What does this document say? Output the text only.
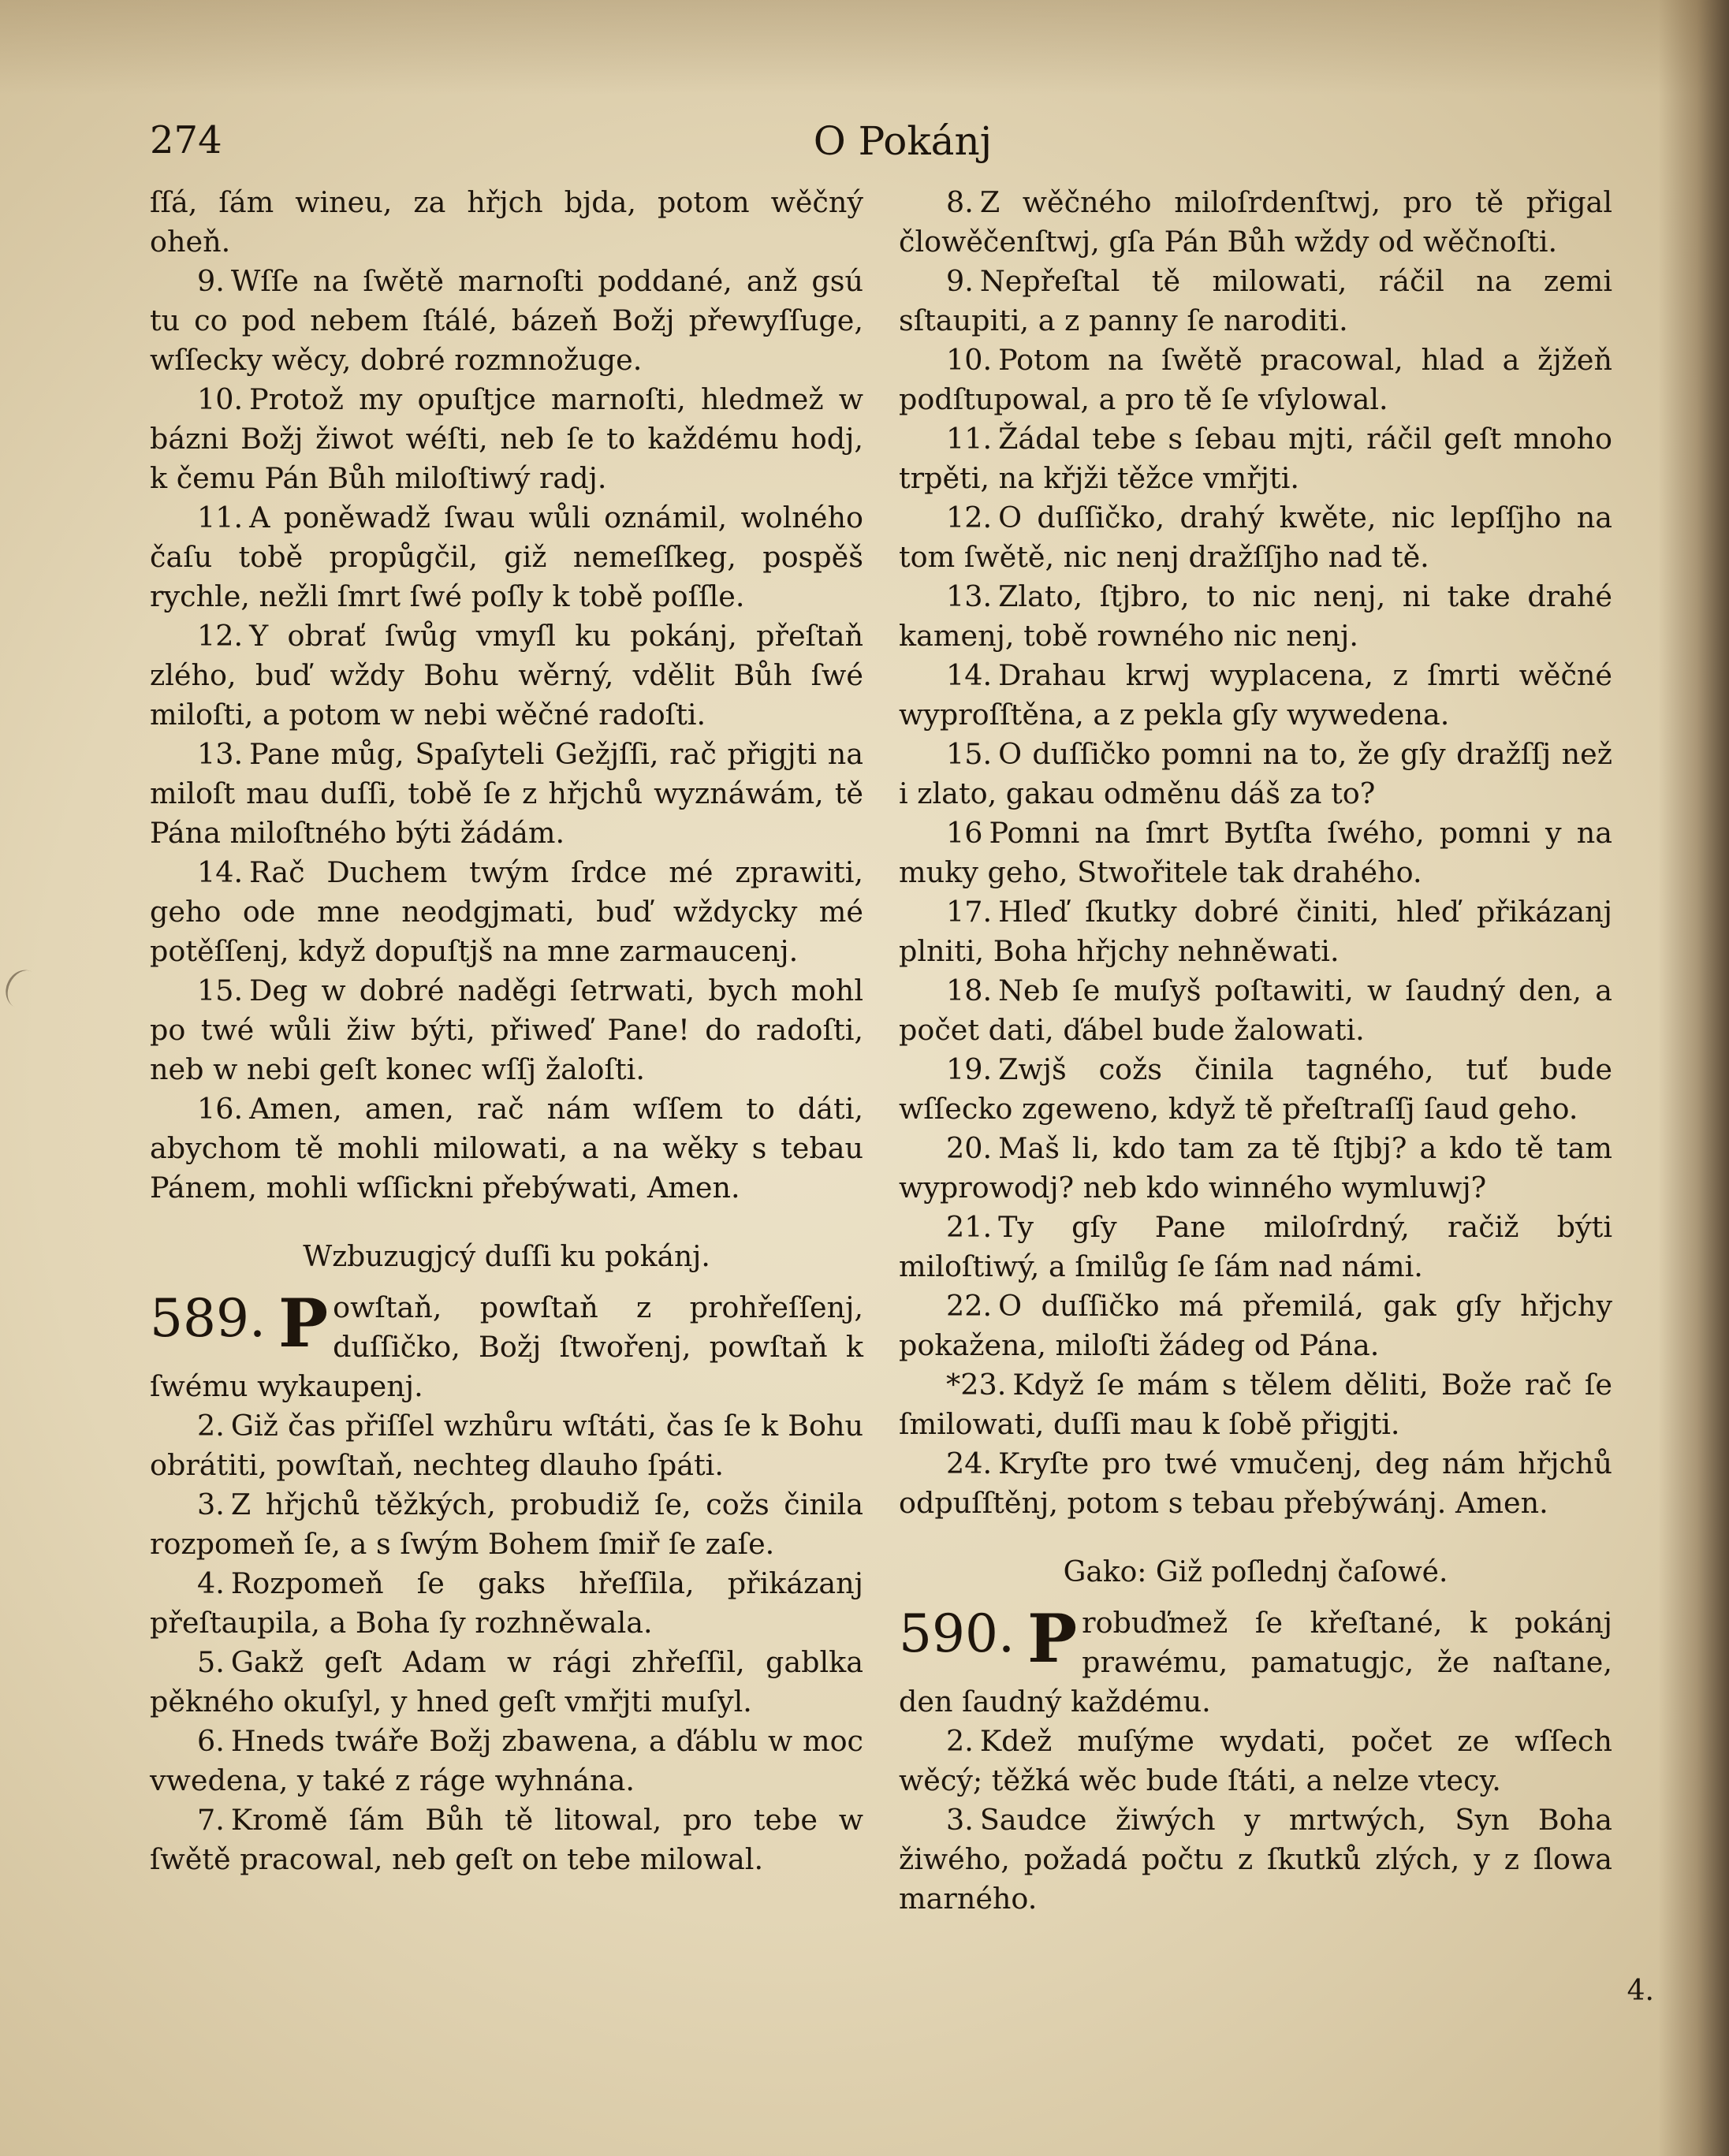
O Pokánj
274

ſſá, ſám wineu, za hřjch bjda, potom wěčný oheň.

9. Wſſe na ſwětě marnoſti poddané, anž gsú tu co pod nebem ſtálé, bázeň Božj přewyſſuge, wſſecky wěcy, dobré rozmnožuge.

10. Protož my opuſtjce marnoſti, hledmež w bázni Božj žiwot wéſti, neb ſe to každému hodj, k čemu Pán Bůh miloſtiwý radj.

11. A poněwadž ſwau wůli oznámil, wolného čaſu tobě propůgčil, giž nemeſſkeg, pospěš rychle, nežli ſmrt ſwé poſly k tobě poſſle.

12. Y obrať ſwůg vmyſl ku pokánj, přeſtaň zlého, buď wždy Bohu wěrný, vdělit Bůh ſwé miloſti, a potom w nebi wěčné radoſti.

13. Pane můg, Spaſyteli Gežjſſi, rač přigjti na miloſt mau duſſi, tobě ſe z hřjchů wyznáwám, tě Pána miloſtného býti žádám.

14. Rač Duchem twým ſrdce mé zprawiti, geho ode mne neodgjmati, buď wždycky mé potěſſenj, když dopuſtjš na mne zarmaucenj.

15. Deg w dobré naděgi ſetrwati, bych mohl po twé wůli žiw býti, přiweď Pane! do radoſti, neb w nebi geſt konec wſſj žaloſti.

16. Amen, amen, rač nám wſſem to dáti, abychom tě mohli milowati, a na wěky s tebau Pánem, mohli wſſickni přebýwati, Amen.

Wzbuzugjcý duſſi ku pokánj.
589. P owſtaň, powſtaň z prohřeſſenj, duſſičko, Božj ſtwořenj, powſtaň k ſwému wykaupenj.

2. Giž čas přiſſel wzhůru wſtáti, čas ſe k Bohu obrátiti, powſtaň, nechteg dlauho ſpáti.

3. Z hřjchů těžkých, probudiž ſe, cožs činila rozpomeň ſe, a s ſwým Bohem ſmiř ſe zaſe.

4. Rozpomeň ſe gaks hřeſſila, přikázanj přeſtaupila, a Boha ſy rozhněwala.

5. Gakž geſt Adam w rági zhřeſſil, gablka pěkného okuſyl, y hned geſt vmřjti muſyl.

6. Hneds twáře Božj zbawena, a ďáblu w moc vwedena, y také z ráge wyhnána.

7. Kromě ſám Bůh tě litowal, pro tebe w ſwětě pracowal, neb geſt on tebe milowal.

8. Z wěčného miloſrdenſtwj, pro tě přigal člowěčenſtwj, gſa Pán Bůh wždy od wěčnoſti.

9. Nepřeſtal tě milowati, ráčil na zemi sſtaupiti, a z panny ſe naroditi.

10. Potom na ſwětě pracowal, hlad a žjžeň podſtupowal, a pro tě ſe vſylowal.

11. Žádal tebe s ſebau mjti, ráčil geſt mnoho trpěti, na křjži těžce vmřjti.

12. O duſſičko, drahý kwěte, nic lepſſjho na tom ſwětě, nic nenj dražſſjho nad tě.

13. Zlato, ſtjbro, to nic nenj, ni take drahé kamenj, tobě rowného nic nenj.

14. Drahau krwj wyplacena, z ſmrti wěčné wyproſſtěna, a z pekla gſy wywedena.

15. O duſſičko pomni na to, že gſy dražſſj než i zlato, gakau odměnu dáš za to?

16 Pomni na ſmrt Bytſta ſwého, pomni y na muky geho, Stwořitele tak drahého.

17. Hleď ſkutky dobré činiti, hleď přikázanj plniti, Boha hřjchy nehněwati.

18. Neb ſe muſyš poſtawiti, w ſaudný den, a počet dati, ďábel bude žalowati.

19. Zwjš cožs činila tagného, tuť bude wſſecko zgeweno, když tě přeſtraſſj ſaud geho.

20. Maš li, kdo tam za tě ſtjbj? a kdo tě tam wyprowodj? neb kdo winného wymluwj?

21. Ty gſy Pane miloſrdný, račiž býti miloſtiwý, a ſmilůg ſe ſám nad námi.

22. O duſſičko má přemilá, gak gſy hřjchy pokažena, miloſti žádeg od Pána.

*23. Když ſe mám s tělem děliti, Bože rač ſe ſmilowati, duſſi mau k ſobě přigjti.

24. Kryſte pro twé vmučenj, deg nám hřjchů odpuſſtěnj, potom s tebau přebýwánj. Amen.

Gako: Giž poſlednj čaſowé.
590. P robuďmež ſe křeſtané, k pokánj prawému, pamatugjc, že naſtane, den ſaudný každému.

2. Kdež muſýme wydati, počet ze wſſech wěcý; těžká wěc bude ſtáti, a nelze vtecy.

3. Saudce žiwých y mrtwých, Syn Boha žiwého, požadá počtu z ſkutků zlých, y z ſlowa marného.

4.
